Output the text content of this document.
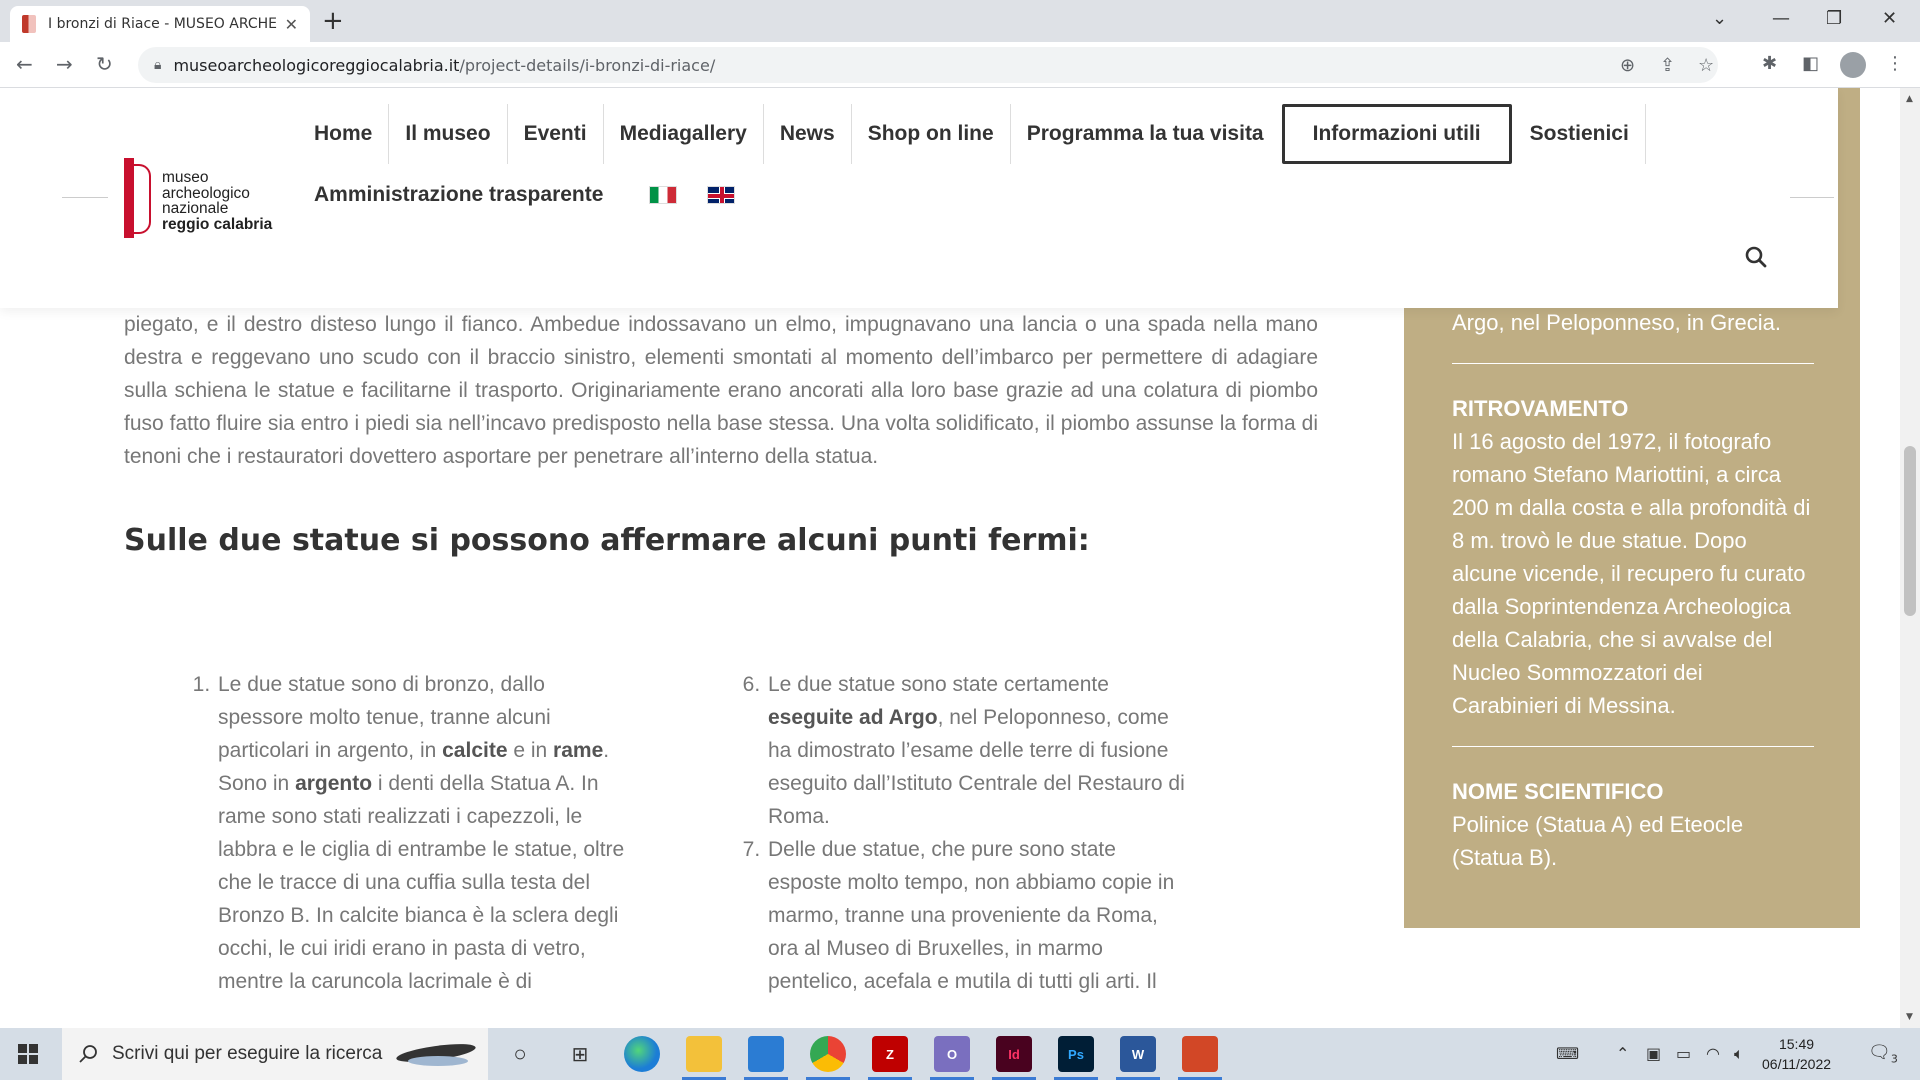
I bronzi di Riace - MUSEO ARCHE ✕ +	⌄ — ❐ ✕
← → ↻	🔒︎ museoarcheologicoreggiocalabria.it/project-details/i-bronzi-di-riace/	⊕ ⇪ ☆	✱ ◧	⋮
Argo, nel Peloponneso, in Grecia.
RITROVAMENTO
Il 16 agosto del 1972, il fotografo romano Stefano Mariottini, a circa 200 m dalla costa e alla profondità di 8 m. trovò le due statue. Dopo alcune vicende, il recupero fu curato dalla Soprintendenza Archeologica della Calabria, che si avvalse del Nucleo Sommozzatori dei Carabinieri di Messina.
NOME SCIENTIFICO
Polinice (Statua A) ed Eteocle (Statua B).

piegato, e il destro disteso lungo il fianco. Ambedue indossavano un elmo, impugnavano una lancia o una spada nella mano destra e reggevano uno scudo con il braccio sinistro, elementi smontati al momento dell’imbarco per permettere di adagiare sulla schiena le statue e facilitarne il trasporto. Originariamente erano ancorati alla loro base grazie ad una colatura di piombo fuso fatto fluire sia entro i piedi sia nell’incavo predisposto nella base stessa. Una volta solidificato, il piombo assunse la forma di tenoni che i restauratori dovettero asportare per penetrare all’interno della statua.

Sulle due statue si possono affermare alcuni punti fermi:
1. Le due statue sono di bronzo, dallo spessore molto tenue, tranne alcuni particolari in argento, in calcite e in rame. Sono in argento i denti della Statua A. In rame sono stati realizzati i capezzoli, le labbra e le ciglia di entrambe le statue, oltre che le tracce di una cuffia sulla testa del Bronzo B. In calcite bianca è la sclera degli occhi, le cui iridi erano in pasta di vetro, mentre la caruncola lacrimale è di
6. Le due statue sono state certamente eseguite ad Argo, nel Peloponneso, come ha dimostrato l’esame delle terre di fusione eseguito dall’Istituto Centrale del Restauro di Roma.
7. Delle due statue, che pure sono state esposte molto tempo, non abbiamo copie in marmo, tranne una proveniente da Roma, ora al Museo di Bruxelles, in marmo pentelico, acefala e mutila di tutti gli arti. Il
museo
archeologico
nazionale
reggio calabria
Home	Il museo	Eventi	Mediagallery	News	Shop on line	Programma la tua visita	Informazioni utili	Sostienici
Amministrazione trasparente
▲
▼
Scrivi qui per eseguire la ricerca	○	⊞	Z	O	Id	Ps	W	⌨ ⌃ ▣ ▭ ◠ 🔈︎	15:49
06/11/2022
$🗨︎_3$
